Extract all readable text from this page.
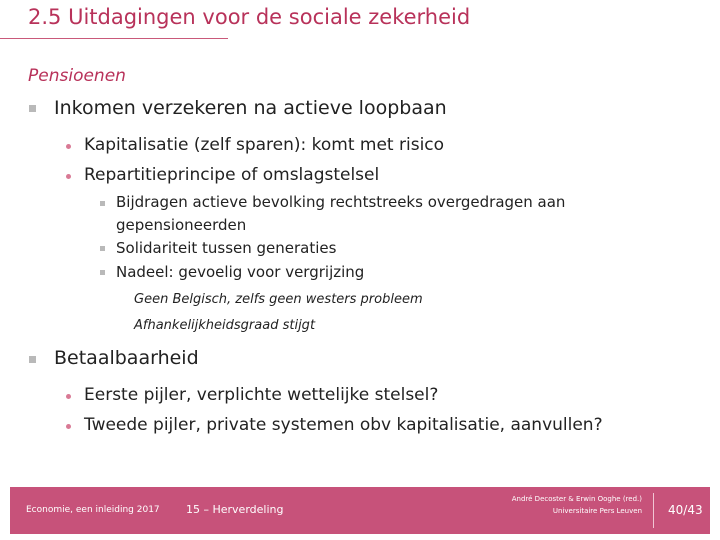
2.5 Uitdagingen voor de sociale zekerheid
Pensioenen
Inkomen verzekeren na actieve loopbaan
Kapitalisatie (zelf sparen): komt met risico
Repartitieprincipe of omslagstelsel
Bijdragen actieve bevolking rechtstreeks overgedragen aan
gepensioneerden
Solidariteit tussen generaties
Nadeel: gevoelig voor vergrijzing
Geen Belgisch, zelfs geen westers probleem
Afhankelijkheidsgraad stijgt
Betaalbaarheid
Eerste pijler, verplichte wettelijke stelsel?
Tweede pijler, private systemen obv kapitalisatie, aanvullen?
Economie, een inleiding 2017 15 – Herverdeling
André Decoster & Erwin Ooghe (red.)
Universitaire Pers Leuven 40/43
